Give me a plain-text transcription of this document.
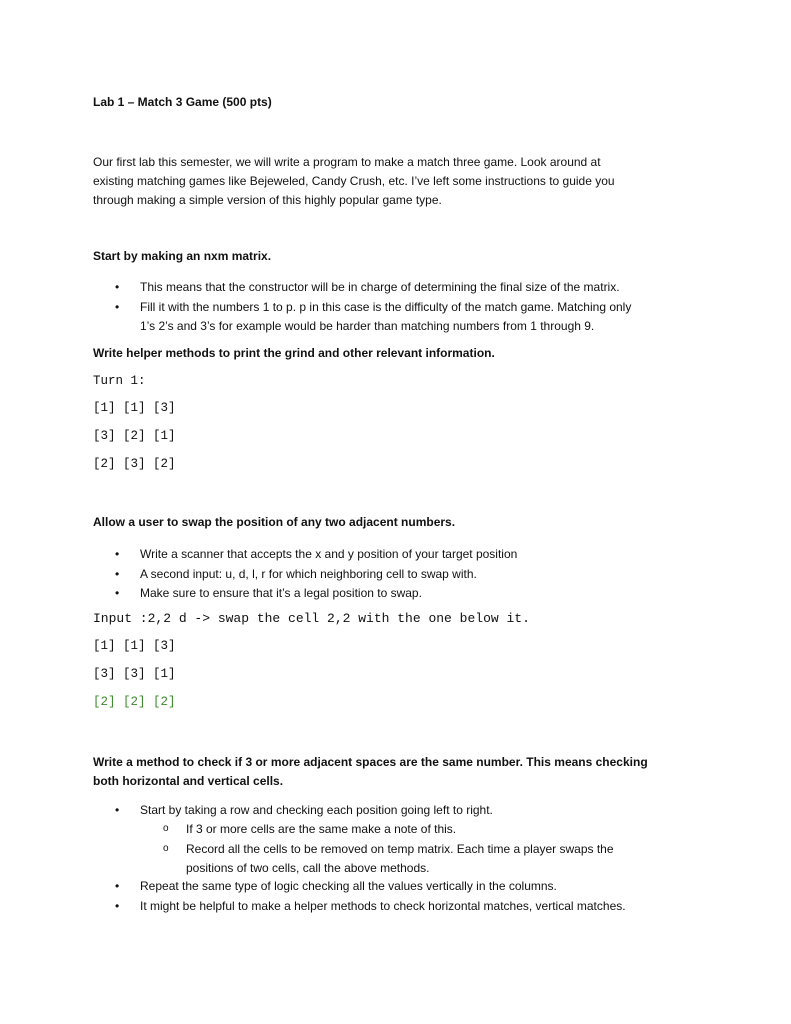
Lab 1 – Match 3 Game (500 pts)
Our first lab this semester, we will write a program to make a match three game. Look around at
existing matching games like Bejeweled, Candy Crush, etc. I’ve left some instructions to guide you
through making a simple version of this highly popular game type.
Start by making an nxm matrix.
• This means that the constructor will be in charge of determining the final size of the matrix.
• Fill it with the numbers 1 to p. p in this case is the difficulty of the match game. Matching only
1’s 2’s and 3’s for example would be harder than matching numbers from 1 through 9.
Write helper methods to print the grind and other relevant information.
Turn 1:
[1] [1] [3]
[3] [2] [1]
[2] [3] [2]
Allow a user to swap the position of any two adjacent numbers.
• Write a scanner that accepts the x and y position of your target position
• A second input: u, d, l, r for which neighboring cell to swap with.
• Make sure to ensure that it’s a legal position to swap.
Input :2,2 d -> swap the cell 2,2 with the one below it.
[1] [1] [3]
[3] [3] [1]
[2] [2] [2]
Write a method to check if 3 or more adjacent spaces are the same number. This means checking
both horizontal and vertical cells.
• Start by taking a row and checking each position going left to right.
o If 3 or more cells are the same make a note of this.
o Record all the cells to be removed on temp matrix. Each time a player swaps the
positions of two cells, call the above methods.
• Repeat the same type of logic checking all the values vertically in the columns.
• It might be helpful to make a helper methods to check horizontal matches, vertical matches.
